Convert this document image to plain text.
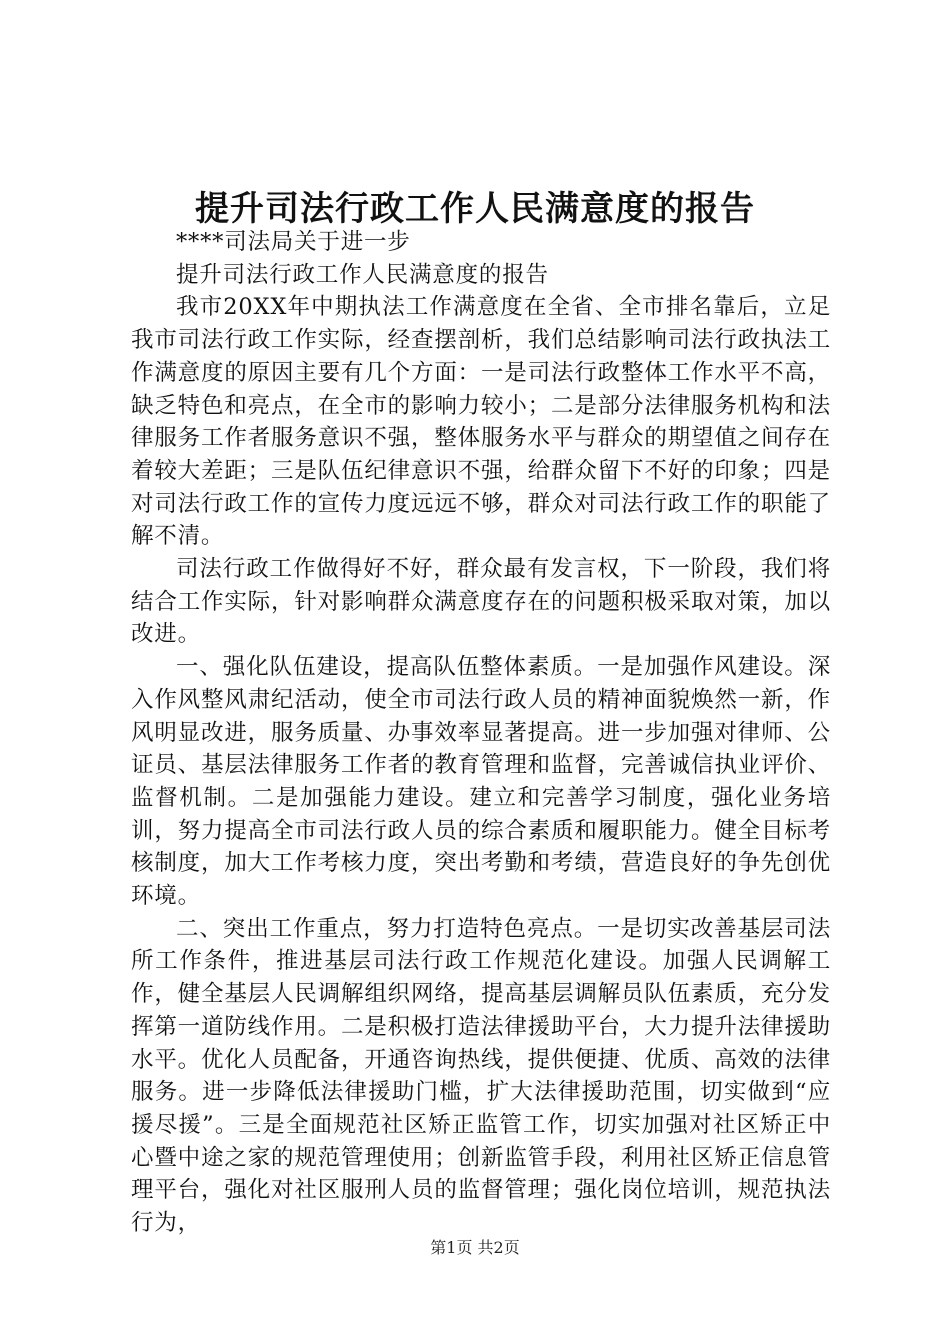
提升司法行政工作人民满意度的报告

****司法局关于进一步

提升司法行政工作人民满意度的报告

我市20XX年中期执法工作满意度在全省、全市排名靠后，立足我市司法行政工作实际，经查摆剖析，我们总结影响司法行政执法工作满意度的原因主要有几个方面：一是司法行政整体工作水平不高，缺乏特色和亮点，在全市的影响力较小；二是部分法律服务机构和法律服务工作者服务意识不强，整体服务水平与群众的期望值之间存在着较大差距；三是队伍纪律意识不强，给群众留下不好的印象；四是对司法行政工作的宣传力度远远不够，群众对司法行政工作的职能了解不清。

司法行政工作做得好不好，群众最有发言权，下一阶段，我们将结合工作实际，针对影响群众满意度存在的问题积极采取对策，加以改进。

一、强化队伍建设，提高队伍整体素质。一是加强作风建设。深入作风整风肃纪活动，使全市司法行政人员的精神面貌焕然一新，作风明显改进，服务质量、办事效率显著提高。进一步加强对律师、公证员、基层法律服务工作者的教育管理和监督，完善诚信执业评价、监督机制。二是加强能力建设。建立和完善学习制度，强化业务培训，努力提高全市司法行政人员的综合素质和履职能力。健全目标考核制度，加大工作考核力度，突出考勤和考绩，营造良好的争先创优环境。

二、突出工作重点，努力打造特色亮点。一是切实改善基层司法所工作条件，推进基层司法行政工作规范化建设。加强人民调解工作，健全基层人民调解组织网络，提高基层调解员队伍素质，充分发挥第一道防线作用。二是积极打造法律援助平台，大力提升法律援助水平。优化人员配备，开通咨询热线，提供便捷、优质、高效的法律服务。进一步降低法律援助门槛，扩大法律援助范围，切实做到“应援尽援”。三是全面规范社区矫正监管工作，切实加强对社区矫正中心暨中途之家的规范管理使用；创新监管手段，利用社区矫正信息管理平台，强化对社区服刑人员的监督管理；强化岗位培训，规范执法行为，

第1页 共2页
